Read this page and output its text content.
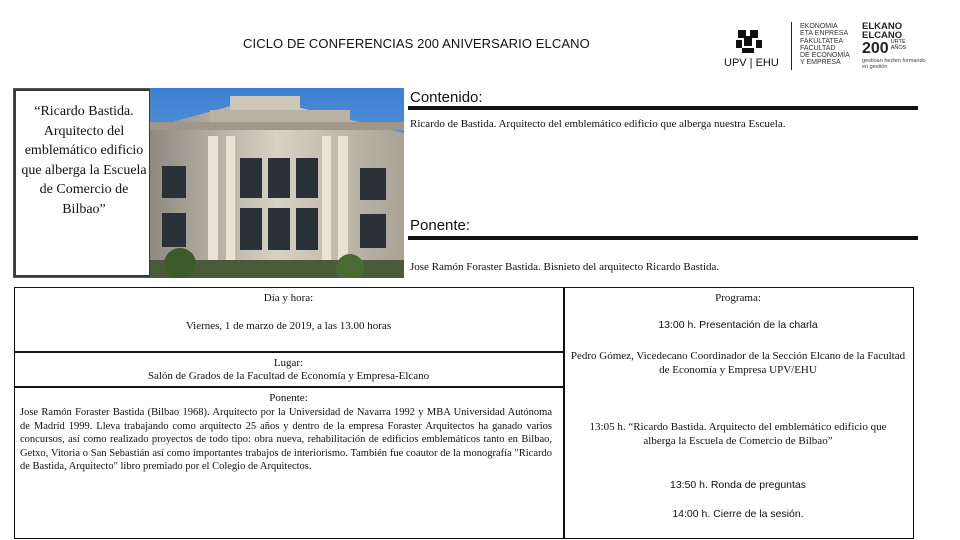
CICLO DE CONFERENCIAS 200 ANIVERSARIO ELCANO
UPV | EHU
EKONOMIA
ETA ENPRESA
FAKULTATEA
FACULTAD
DE ECONOMÍA
Y EMPRESA
ELKANO
ELCANO
200 URTE AÑOS
gestioan hezten formando en gestión
“Ricardo Bastida. Arquitecto del emblemático edificio que alberga la Escuela de Comercio de Bilbao”
Contenido:
Ricardo de Bastida. Arquitecto del emblemático edificio que alberga nuestra Escuela.
Ponente:
Jose Ramón Foraster Bastida. Bisnieto del arquitecto Ricardo Bastida.
Día y hora:
Viernes, 1 de marzo de 2019, a las 13.00 horas
Lugar:
Salón de Grados de la Facultad de Economía y Empresa-Elcano
Ponente:
Jose Ramón Foraster Bastida (Bilbao 1968). Arquitecto por la Universidad de Navarra 1992 y MBA Universidad Autónoma de Madrid 1999. Lleva trabajando como arquitecto 25 años y dentro de la empresa Foraster Arquitectos ha ganado varios concursos, así como realizado proyectos de todo tipo: obra nueva, rehabilitación de edificios emblemáticos tanto en Bilbao, Getxo, Vitoria o San Sebastián así como importantes trabajos de interiorismo. También fue coautor de la monografía "Ricardo de Bastida, Arquitecto" libro premiado por el Colegio de Arquitectos.
Programa:
13:00 h. Presentación de la charla
Pedro Gómez, Vicedecano Coordinador de la Sección Elcano de la Facultad de Economía y Empresa UPV/EHU
13:05 h. “Ricardo Bastida. Arquitecto del emblemático edificio que alberga la Escuela de Comercio de Bilbao”
13:50 h. Ronda de preguntas
14:00 h. Cierre de la sesión.
